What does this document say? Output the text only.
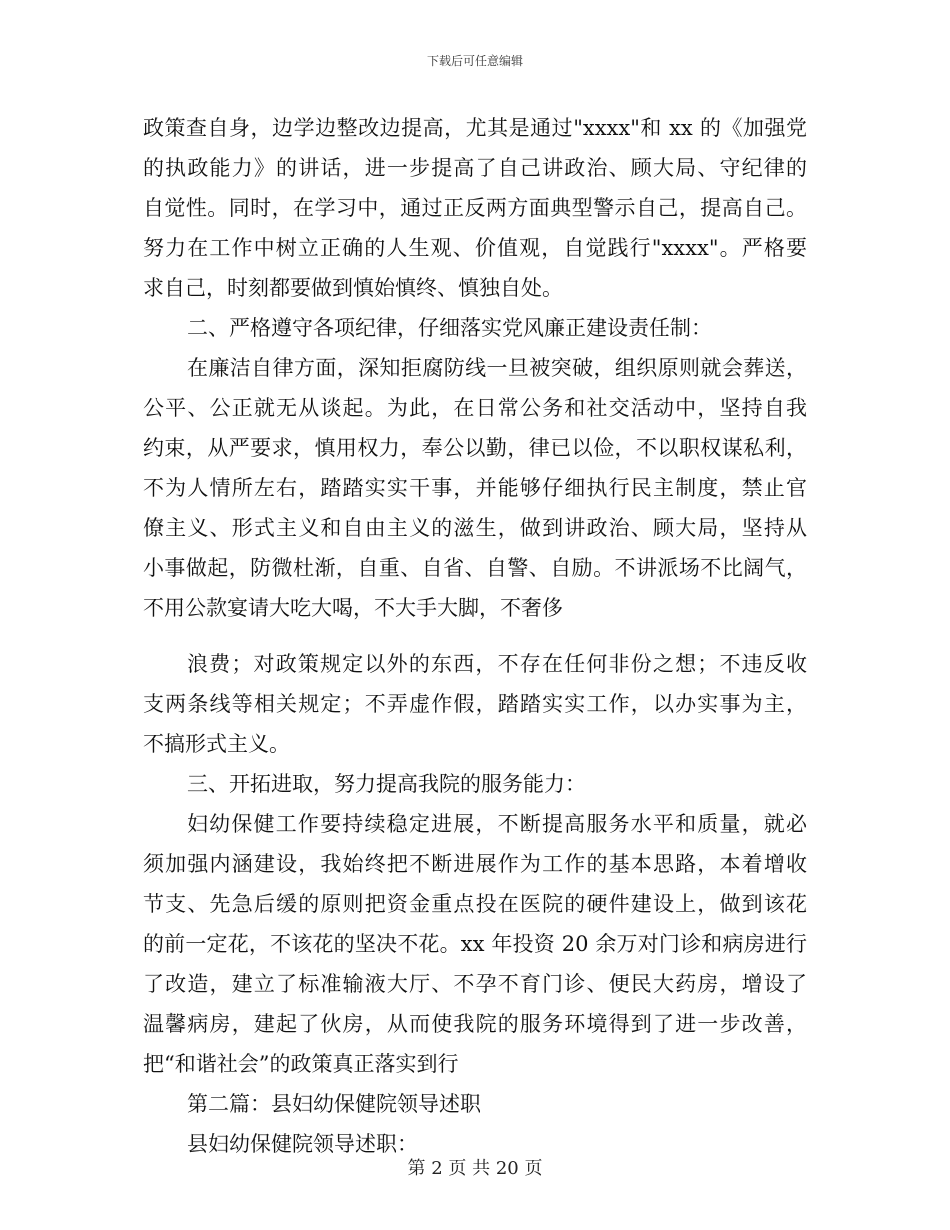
下载后可任意编辑
政策查自身，边学边整改边提高，尤其是通过"xxxx"和 xx 的《加强党
的执政能力》的讲话，进一步提高了自己讲政治、顾大局、守纪律的
自觉性。同时，在学习中，通过正反两方面典型警示自己，提高自己。
努力在工作中树立正确的人生观、价值观，自觉践行"xxxx"。严格要
求自己，时刻都要做到慎始慎终、慎独自处。
二、严格遵守各项纪律，仔细落实党风廉正建设责任制：
在廉洁自律方面，深知拒腐防线一旦被突破，组织原则就会葬送，
公平、公正就无从谈起。为此，在日常公务和社交活动中，坚持自我
约束，从严要求，慎用权力，奉公以勤，律已以俭，不以职权谋私利，
不为人情所左右，踏踏实实干事，并能够仔细执行民主制度，禁止官
僚主义、形式主义和自由主义的滋生，做到讲政治、顾大局，坚持从
小事做起，防微杜渐，自重、自省、自警、自励。不讲派场不比阔气，
不用公款宴请大吃大喝，不大手大脚，不奢侈
浪费；对政策规定以外的东西，不存在任何非份之想；不违反收
支两条线等相关规定；不弄虚作假，踏踏实实工作，以办实事为主，
不搞形式主义。
三、开拓进取，努力提高我院的服务能力：
妇幼保健工作要持续稳定进展，不断提高服务水平和质量，就必
须加强内涵建设，我始终把不断进展作为工作的基本思路，本着增收
节支、先急后缓的原则把资金重点投在医院的硬件建设上，做到该花
的前一定花，不该花的坚决不花。xx 年投资 20 余万对门诊和病房进行
了改造，建立了标准输液大厅、不孕不育门诊、便民大药房，增设了
温馨病房，建起了伙房，从而使我院的服务环境得到了进一步改善，
把“和谐社会”的政策真正落实到行
第二篇：县妇幼保健院领导述职
县妇幼保健院领导述职：
第 2 页 共 20 页
